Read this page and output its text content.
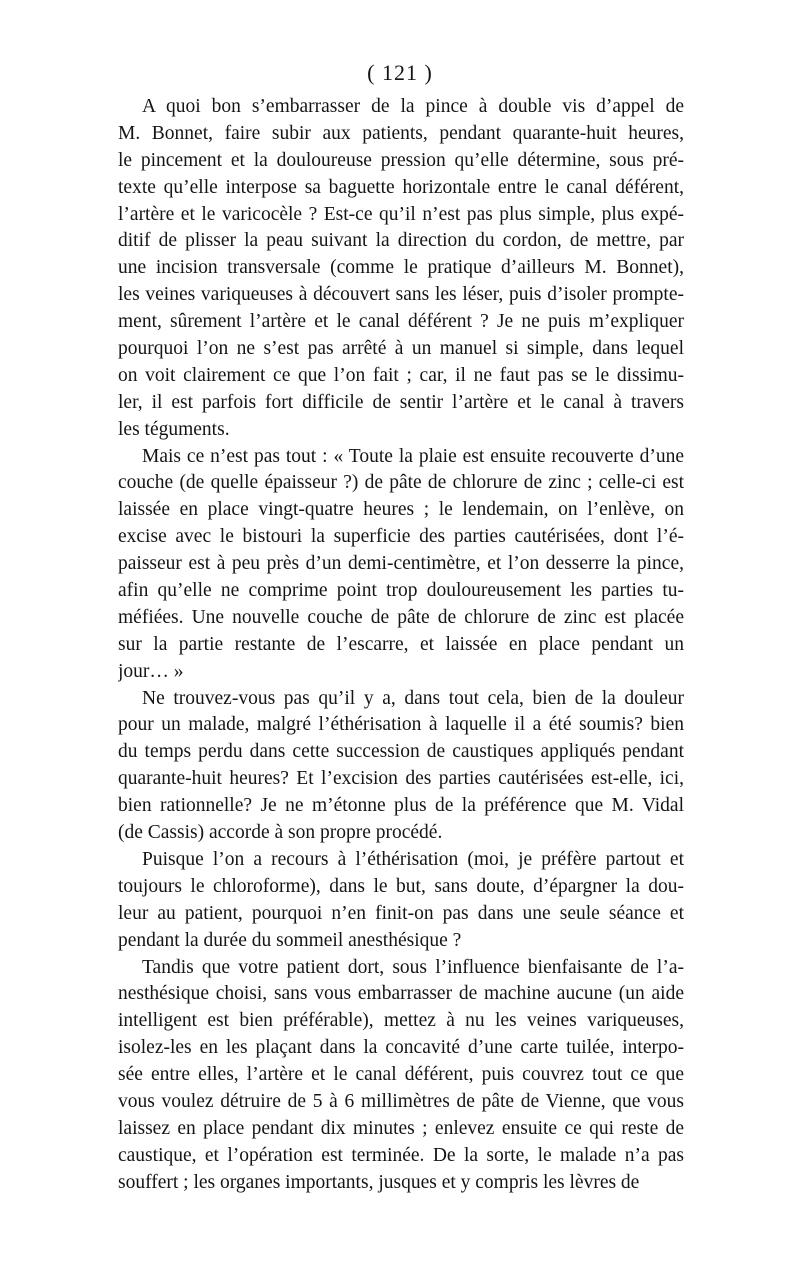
( 121 )

A quoi bon s’embarrasser de la pince à double vis d’appel de
M. Bonnet, faire subir aux patients, pendant quarante-huit heures,
le pincement et la douloureuse pression qu’elle détermine, sous pré-
texte qu’elle interpose sa baguette horizontale entre le canal déférent,
l’artère et le varicocèle ? Est-ce qu’il n’est pas plus simple, plus expé-
ditif de plisser la peau suivant la direction du cordon, de mettre, par
une incision transversale (comme le pratique d’ailleurs M. Bonnet),
les veines variqueuses à découvert sans les léser, puis d’isoler prompte-
ment, sûrement l’artère et le canal déférent ? Je ne puis m’expliquer
pourquoi l’on ne s’est pas arrêté à un manuel si simple, dans lequel
on voit clairement ce que l’on fait ; car, il ne faut pas se le dissimu-
ler, il est parfois fort difficile de sentir l’artère et le canal à travers
les téguments.

Mais ce n’est pas tout : « Toute la plaie est ensuite recouverte d’une
couche (de quelle épaisseur ?) de pâte de chlorure de zinc ; celle-ci est
laissée en place vingt-quatre heures ; le lendemain, on l’enlève, on
excise avec le bistouri la superficie des parties cautérisées, dont l’é-
paisseur est à peu près d’un demi-centimètre, et l’on desserre la pince,
afin qu’elle ne comprime point trop douloureusement les parties tu-
méfiées. Une nouvelle couche de pâte de chlorure de zinc est placée
sur la partie restante de l’escarre, et laissée en place pendant un
jour… »

Ne trouvez-vous pas qu’il y a, dans tout cela, bien de la douleur
pour un malade, malgré l’éthérisation à laquelle il a été soumis? bien
du temps perdu dans cette succession de caustiques appliqués pendant
quarante-huit heures? Et l’excision des parties cautérisées est-elle, ici,
bien rationnelle? Je ne m’étonne plus de la préférence que M. Vidal
(de Cassis) accorde à son propre procédé.

Puisque l’on a recours à l’éthérisation (moi, je préfère partout et
toujours le chloroforme), dans le but, sans doute, d’épargner la dou-
leur au patient, pourquoi n’en finit-on pas dans une seule séance et
pendant la durée du sommeil anesthésique ?

Tandis que votre patient dort, sous l’influence bienfaisante de l’a-
nesthésique choisi, sans vous embarrasser de machine aucune (un aide
intelligent est bien préférable), mettez à nu les veines variqueuses,
isolez-les en les plaçant dans la concavité d’une carte tuilée, interpo-
sée entre elles, l’artère et le canal déférent, puis couvrez tout ce que
vous voulez détruire de 5 à 6 millimètres de pâte de Vienne, que vous
laissez en place pendant dix minutes ; enlevez ensuite ce qui reste de
caustique, et l’opération est terminée. De la sorte, le malade n’a pas
souffert ; les organes importants, jusques et y compris les lèvres de
